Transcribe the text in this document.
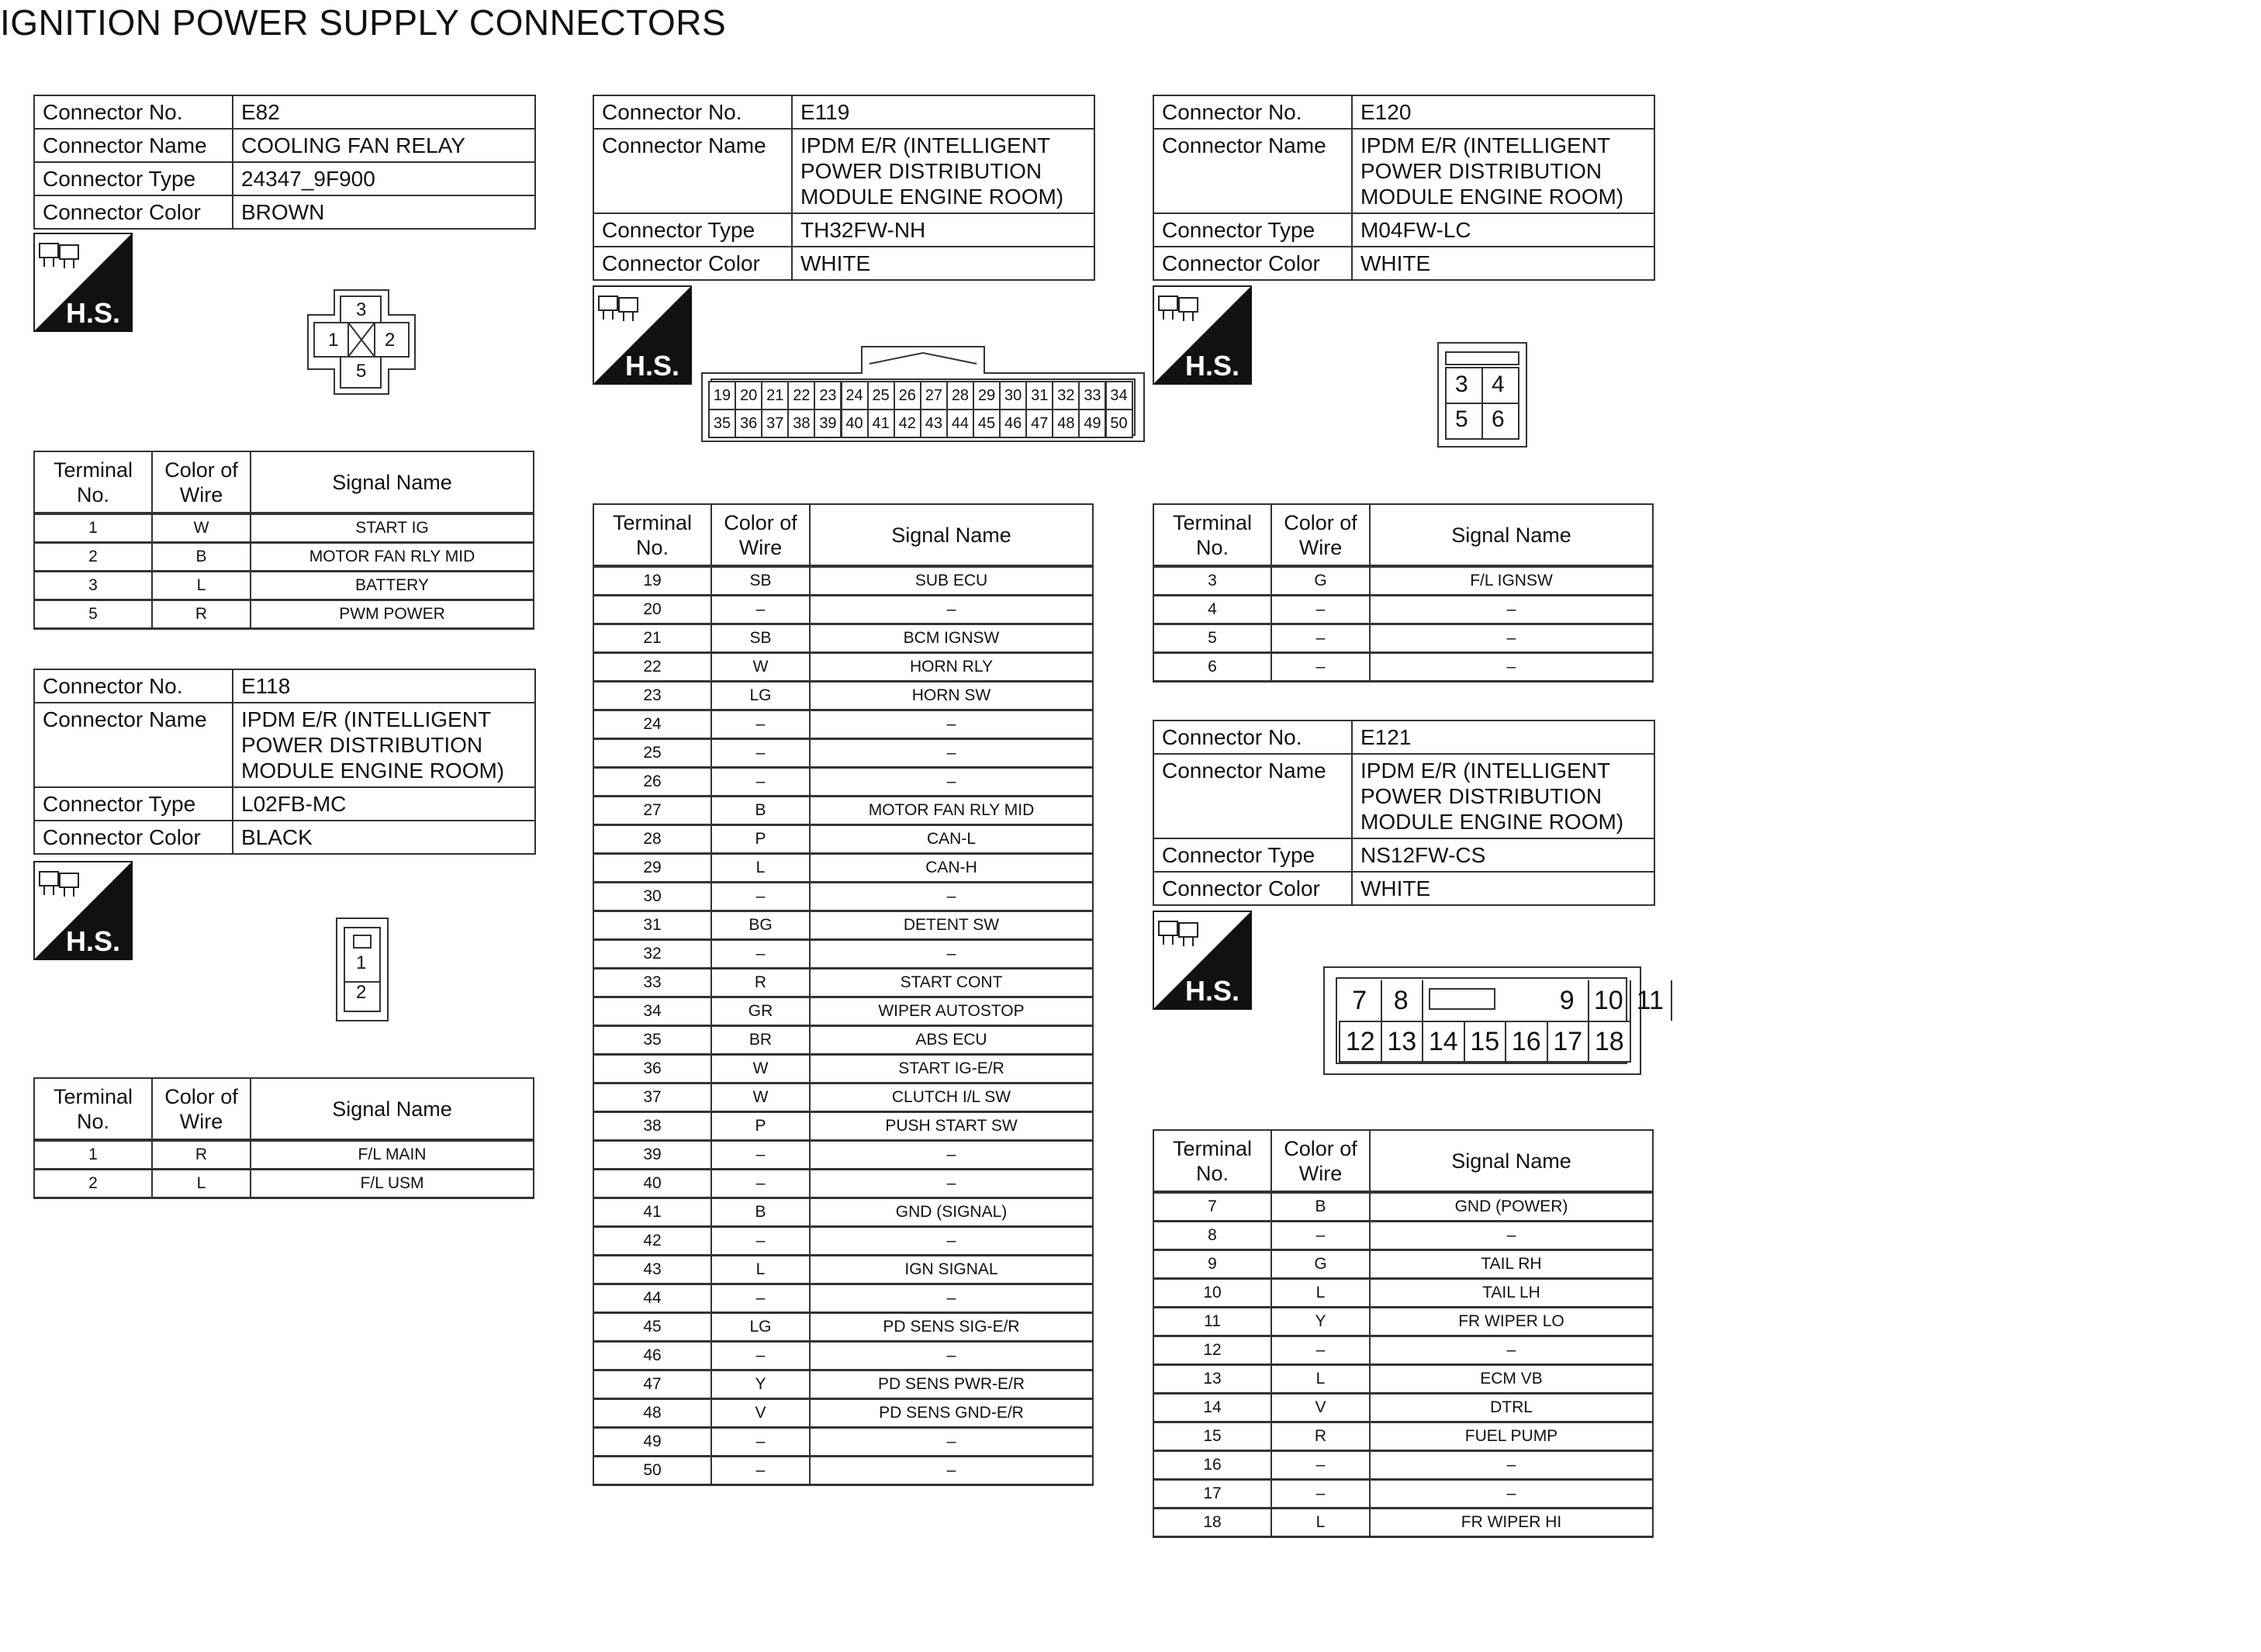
IGNITION POWER SUPPLY CONNECTORS
Connector No.	E82
Connector Name	COOLING FAN RELAY
Connector Type	24347_9F900
Connector Color	BROWN
H.S.	3
1 2
5
Terminal No.	Color of Wire	Signal Name
1	W	START IG
2	B	MOTOR FAN RLY MID
3	L	BATTERY
5	R	PWM POWER
Connector No.	E118
Connector Name	IPDM E/R (INTELLIGENT
POWER DISTRIBUTION
MODULE ENGINE ROOM)
Connector Type	L02FB-MC
Connector Color	BLACK
H.S.
1
2
Terminal No.	Color of Wire	Signal Name
1	R	F/L MAIN
2	L	F/L USM
Connector No.	E119
Connector Name	IPDM E/R (INTELLIGENT
POWER DISTRIBUTION
MODULE ENGINE ROOM)
Connector Type	TH32FW-NH
Connector Color	WHITE
H.S.
19 20 21 22 23 24 25 26 27 28 29 30 31 32 33 34
35 36 37 38 39 40 41 42 43 44 45 46 47 48 49 50
Terminal No.	Color of Wire	Signal Name
19	SB	SUB ECU
20	–	–
21	SB	BCM IGNSW
22	W	HORN RLY
23	LG	HORN SW
24	–	–
25	–	–
26	–	–
27	B	MOTOR FAN RLY MID
28	P	CAN-L
29	L	CAN-H
30	–	–
31	BG	DETENT SW
32	–	–
33	R	START CONT
34	GR	WIPER AUTOSTOP
35	BR	ABS ECU
36	W	START IG-E/R
37	W	CLUTCH I/L SW
38	P	PUSH START SW
39	–	–
40	–	–
41	B	GND (SIGNAL)
42	–	–
43	L	IGN SIGNAL
44	–	–
45	LG	PD SENS SIG-E/R
46	–	–
47	Y	PD SENS PWR-E/R
48	V	PD SENS GND-E/R
49	–	–
50	–	–
Connector No.	E120
Connector Name	IPDM E/R (INTELLIGENT
POWER DISTRIBUTION
MODULE ENGINE ROOM)
Connector Type	M04FW-LC
Connector Color	WHITE
H.S.
3 4
5 6
Terminal No.	Color of Wire	Signal Name
3	G	F/L IGNSW
4	–	–
5	–	–
6	–	–
Connector No.	E121
Connector Name	IPDM E/R (INTELLIGENT
POWER DISTRIBUTION
MODULE ENGINE ROOM)
Connector Type	NS12FW-CS
Connector Color	WHITE
H.S.	7	8	9 10 11
12 13 14 15 16 17 18
Terminal No.	Color of Wire	Signal Name
7	B	GND (POWER)
8	–	–
9	G	TAIL RH
10	L	TAIL LH
11	Y	FR WIPER LO
12	–	–
13	L	ECM VB
14	V	DTRL
15	R	FUEL PUMP
16	–	–
17	–	–
18	L	FR WIPER HI
